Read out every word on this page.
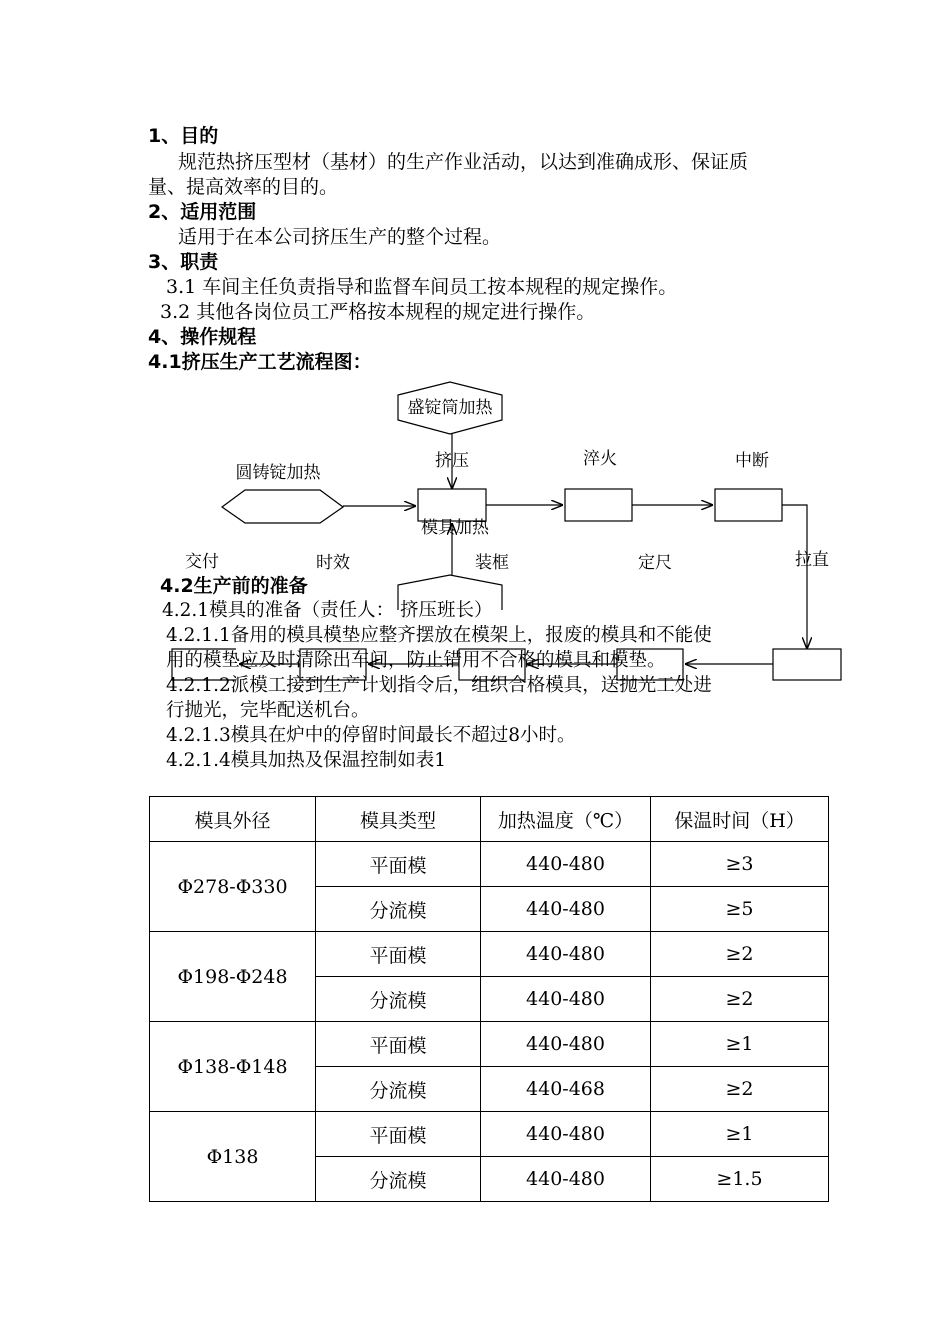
1、目的
规范热挤压型材（基材）的生产作业活动，以达到准确成形、保证质
量、提高效率的目的。
2、适用范围
适用于在本公司挤压生产的整个过程。
3、职责
3.1 车间主任负责指导和监督车间员工按本规程的规定操作。
3.2 其他各岗位员工严格按本规程的规定进行操作。
4、操作规程
4.1挤压生产工艺流程图：
盛锭筒加热
挤压
圆铸锭加热
淬火	中断
拉直
模具加热
交付	时效	装框	定尺
4.2生产前的准备
4.2.1模具的准备（责任人： 挤压班长）
4.2.1.1备用的模具模垫应整齐摆放在模架上，报废的模具和不能使
用的模垫应及时清除出车间，防止错用不合格的模具和模垫。
4.2.1.2派模工接到生产计划指令后，组织合格模具，送抛光工处进
行抛光，完毕配送机台。
4.2.1.3模具在炉中的停留时间最长不超过8小时。
4.2.1.4模具加热及保温控制如表1
模具外径	模具类型	加热温度（℃）	保温时间（H）
Φ278-Φ330	平面模	440-480	≥3
	分流模	440-480	≥5
Φ198-Φ248	平面模	440-480	≥2
	分流模	440-480	≥2
Φ138-Φ148	平面模	440-480	≥1
	分流模	440-468	≥2
Φ138	平面模	440-480	≥1
	分流模	440-480	≥1.5
